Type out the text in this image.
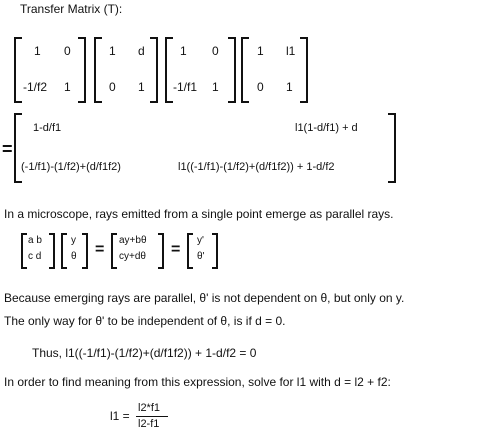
Transfer Matrix (T):
1 0
-1/f2 1
1 d
0 1
1 0
-1/f1 1
1 l1
0 1
=
1-d/f1	l1(1-d/f1) + d
(-1/f1)-(1/f2)+(d/f1f2)	l1((-1/f1)-(1/f2)+(d/f1f2)) + 1-d/f2
In a microscope, rays emitted from a single point emerge as parallel rays.
a b
c d
y
θ =
ay+bθ
cy+dθ =
y'
θ'
Because emerging rays are parallel, θ' is not dependent on θ, but only on y.
The only way for θ' to be independent of θ, is if d = 0.
Thus, l1((-1/f1)-(1/f2)+(d/f1f2)) + 1-d/f2 = 0
In order to find meaning from this expression, solve for l1 with d = l2 + f2:
l1 =
l2*f1
l2-f1
